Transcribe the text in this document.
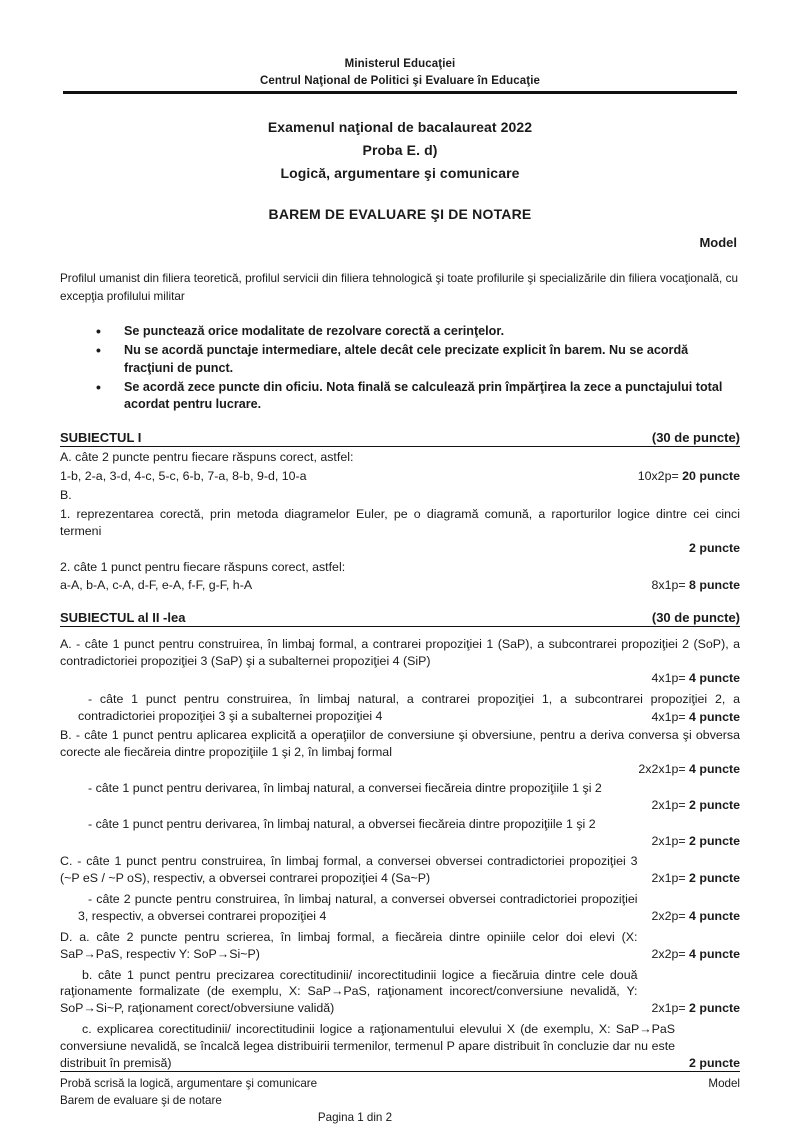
Ministerul Educaţiei
Centrul Naţional de Politici şi Evaluare în Educaţie
Examenul naţional de bacalaureat 2022
Proba E. d)
Logică, argumentare şi comunicare
BAREM DE EVALUARE ŞI DE NOTARE
Model
Profilul umanist din filiera teoretică, profilul servicii din filiera tehnologică şi toate profilurile şi specializările din filiera vocaţională, cu excepţia profilului militar
• Se punctează orice modalitate de rezolvare corectă a cerinţelor.
• Nu se acordă punctaje intermediare, altele decât cele precizate explicit în barem. Nu se acordă fracţiuni de punct.
• Se acordă zece puncte din oficiu. Nota finală se calculează prin împărţirea la zece a punctajului total acordat pentru lucrare.
SUBIECTUL I	(30 de puncte)
A. câte 2 puncte pentru fiecare răspuns corect, astfel:
1-b, 2-a, 3-d, 4-c, 5-c, 6-b, 7-a, 8-b, 9-d, 10-a	10x2p= 20 puncte
B.
1. reprezentarea corectă, prin metoda diagramelor Euler, pe o diagramă comună, a raporturilor logice dintre cei cinci termeni
2 puncte
2. câte 1 punct pentru fiecare răspuns corect, astfel:
a-A, b-A, c-A, d-F, e-A, f-F, g-F, h-A	8x1p= 8 puncte
SUBIECTUL al II -lea	(30 de puncte)
A. - câte 1 punct pentru construirea, în limbaj formal, a contrarei propoziţiei 1 (SaP), a subcontrarei propoziţiei 2 (SoP), a contradictoriei propoziţiei 3 (SaP) şi a subalternei propoziţiei 4 (SiP)
4x1p= 4 puncte
- câte 1 punct pentru construirea, în limbaj natural, a contrarei propoziţiei 1, a subcontrarei propoziţiei 2, a contradictoriei propoziţiei 3 şi a subalternei propoziţiei 4	4x1p= 4 puncte
B. - câte 1 punct pentru aplicarea explicită a operaţiilor de conversiune şi obversiune, pentru a deriva conversa şi obversa corecte ale fiecăreia dintre propoziţiile 1 şi 2, în limbaj formal
2x2x1p= 4 puncte
- câte 1 punct pentru derivarea, în limbaj natural, a conversei fiecăreia dintre propoziţiile 1 şi 2
2x1p= 2 puncte
- câte 1 punct pentru derivarea, în limbaj natural, a obversei fiecăreia dintre propoziţiile 1 şi 2
2x1p= 2 puncte
C. - câte 1 punct pentru construirea, în limbaj formal, a conversei obversei contradictoriei propoziţiei 3 (~P eS / ~P oS), respectiv, a obversei contrarei propoziţiei 4 (Sa~P)	2x1p= 2 puncte
- câte 2 puncte pentru construirea, în limbaj natural, a conversei obversei contradictoriei propoziţiei 3, respectiv, a obversei contrarei propoziţiei 4	2x2p= 4 puncte
D. a. câte 2 puncte pentru scrierea, în limbaj formal, a fiecăreia dintre opiniile celor doi elevi (X: SaP→PaS, respectiv Y: SoP→Si~P)	2x2p= 4 puncte
b. câte 1 punct pentru precizarea corectitudinii/ incorectitudinii logice a fiecăruia dintre cele două raţionamente formalizate (de exemplu, X: SaP→PaS, raţionament incorect/conversiune nevalidă, Y: SoP→Si~P, raţionament corect/obversiune validă)	2x1p= 2 puncte
c. explicarea corectitudinii/ incorectitudinii logice a raţionamentului elevului X (de exemplu, X: SaP→PaS conversiune nevalidă, se încalcă legea distribuirii termenilor, termenul P apare distribuit în concluzie dar nu este distribuit în premisă)	2 puncte
Probă scrisă la logică, argumentare şi comunicare	Model
Barem de evaluare şi de notare
Pagina 1 din 2
